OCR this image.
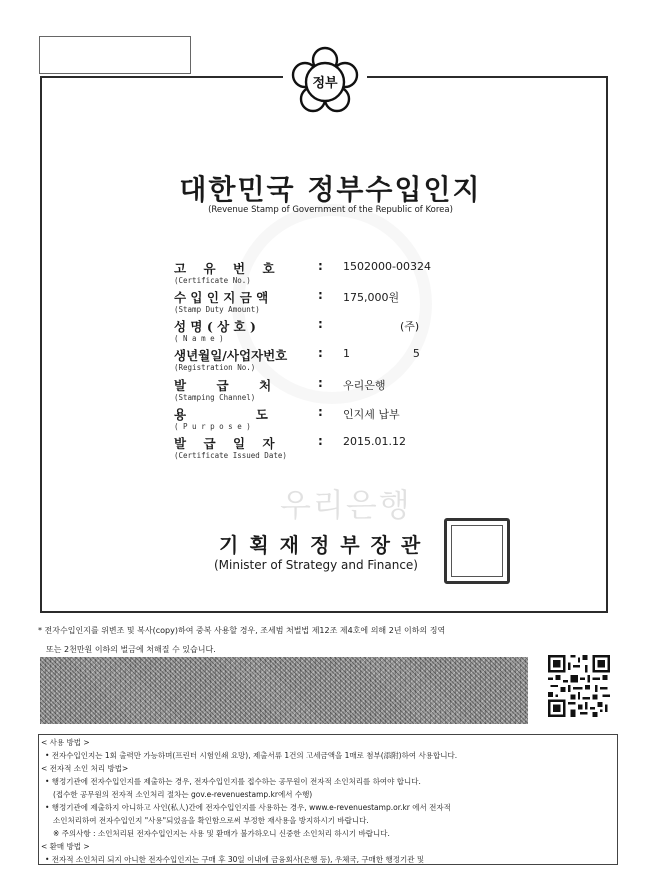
정부
대한민국 정부수입인지
(Revenue Stamp of Government of the Republic of Korea)
고    유    번    호
(Certificate No.)
: 1502000-00324
수 입 인 지 금 액
(Stamp Duty Amount)
: 175,000원
성 명 ( 상 호 )
( N a m e )
:	(주)
생년월일/사업자번호
(Registration No.)
: 1                  5
발       급       처
(Stamping Channel)
: 우리은행
용                도
( P u r p o s e )
: 인지세 납부
발    급    일    자
(Certificate Issued Date)
: 2015.01.12
우리은행
기획재정부장관
(Minister of Strategy and Finance)
* 전자수입인지를 위변조 및 복사(copy)하여 중복 사용할 경우, 조세범 처벌법 제12조 제4호에 의해 2년 이하의 징역
또는 2천만원 이하의 벌금에 처해질 수 있습니다.
< 사용 방법 >
• 전자수입인지는 1회 출력만 가능하며(프린터 시험인쇄 요망), 제출서류 1건의 고세금액을 1매로 첨부(添附)하여 사용합니다.
< 전자적 소인 처리 방법>
• 행정기관에 전자수입인지를 제출하는 경우, 전자수입인지를 접수하는 공무원이 전자적 소인처리를 하여야 합니다.
(접수한 공무원의 전자적 소인처리 절차는 gov.e-revenuestamp.kr에서 수행)
• 행정기관에 제출하지 아니하고 사인(私人)간에 전자수입인지를 사용하는 경우, www.e-revenuestamp.or.kr 에서 전자적
소인처리하여 전자수입인지 "사용"되었음을 확인함으로써 부정한 재사용을 방지하시기 바랍니다.
※ 주의사항 : 소인처리된 전자수입인지는 사용 및 환매가 불가하오니 신중한 소인처리 하시기 바랍니다.
< 환매 방법 >
• 전자적 소인처리 되지 아니한 전자수입인지는 구매 후 30일 이내에 금융회사(은행 등), 우체국, 구매한 행정기관 및
